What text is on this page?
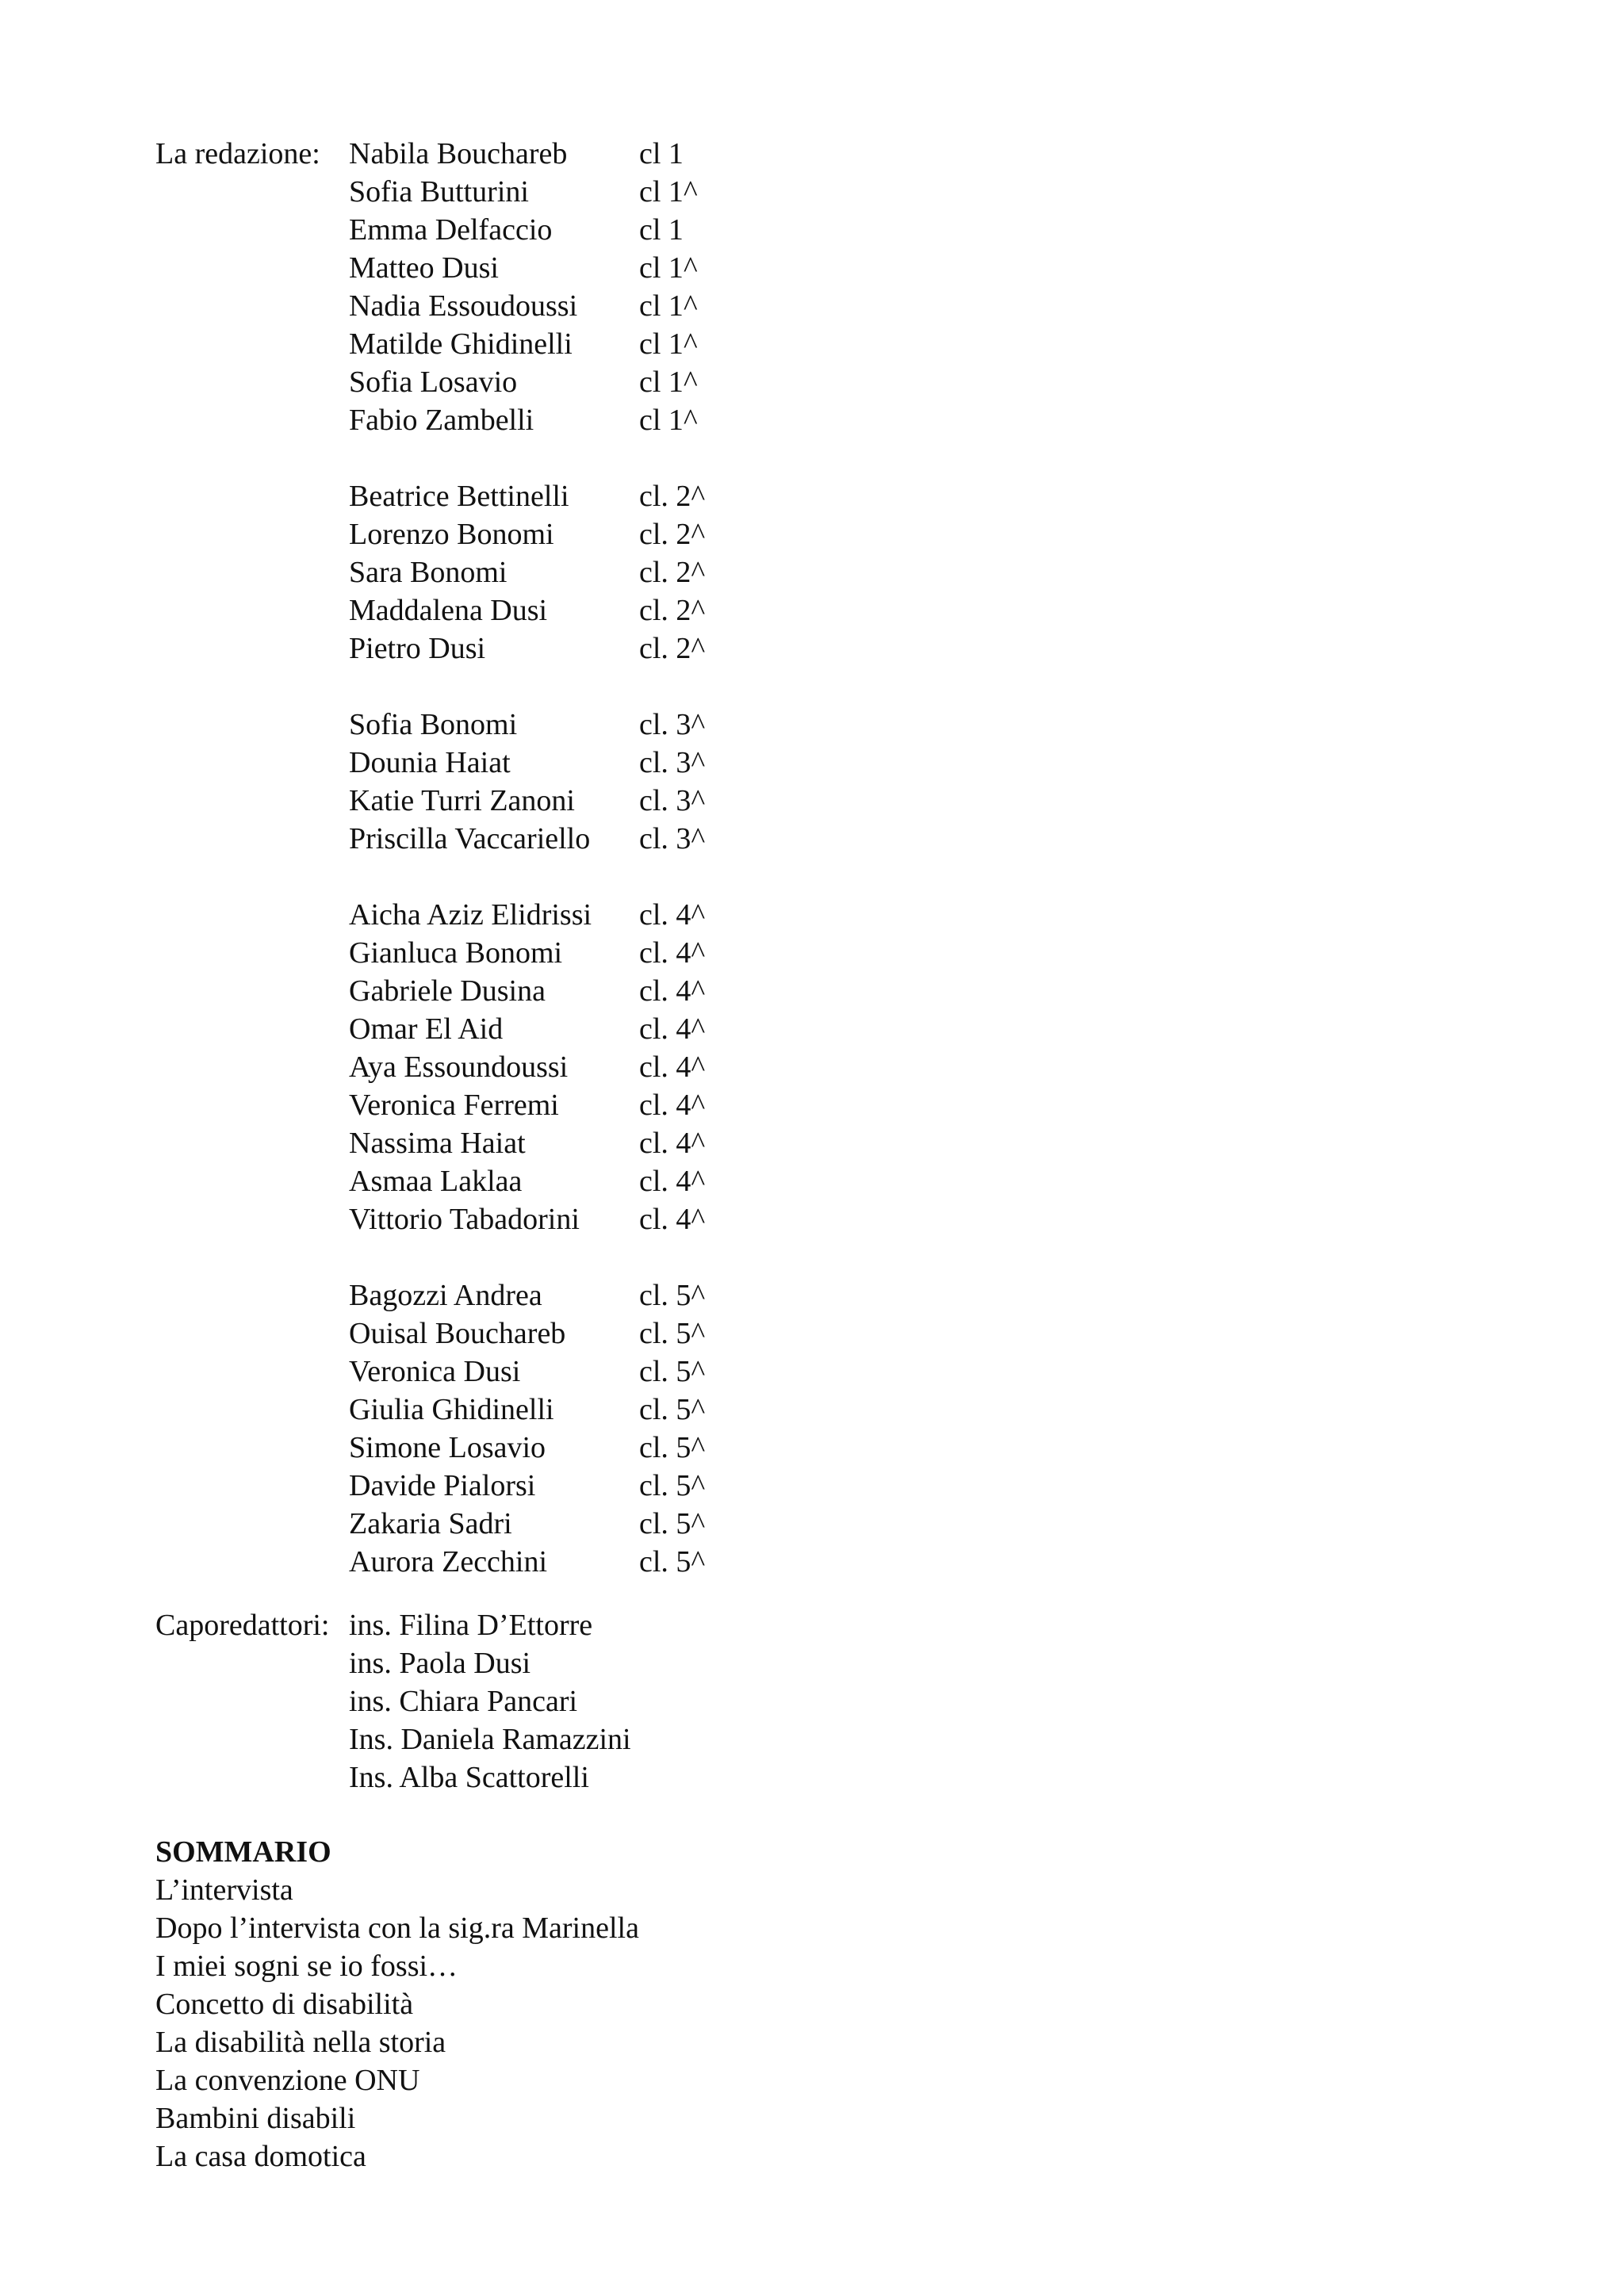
La redazione: Nabila Bouchareb cl 1
Sofia Butturini	cl 1^
Emma Delfaccio	cl 1
Matteo Dusi	cl 1^
Nadia Essoudoussi cl 1^
Matilde Ghidinelli cl 1^
Sofia Losavio	cl 1^
Fabio Zambelli	cl 1^
Beatrice Bettinelli cl. 2^
Lorenzo Bonomi	cl. 2^
Sara Bonomi	cl. 2^
Maddalena Dusi	cl. 2^
Pietro Dusi	cl. 2^
Sofia Bonomi	cl. 3^
Dounia Haiat	cl. 3^
Katie Turri Zanoni cl. 3^
Priscilla Vaccariello cl. 3^
Aicha Aziz Elidrissi cl. 4^
Gianluca Bonomi	cl. 4^
Gabriele Dusina	cl. 4^
Omar El Aid	cl. 4^
Aya Essoundoussi cl. 4^
Veronica Ferremi	cl. 4^
Nassima Haiat	cl. 4^
Asmaa Laklaa	cl. 4^
Vittorio Tabadorini cl. 4^
Bagozzi Andrea	cl. 5^
Ouisal Bouchareb cl. 5^
Veronica Dusi	cl. 5^
Giulia Ghidinelli	cl. 5^
Simone Losavio	cl. 5^
Davide Pialorsi	cl. 5^
Zakaria Sadri	cl. 5^
Aurora Zecchini	cl. 5^
Caporedattori: ins. Filina D’Ettorre
ins. Paola Dusi
ins. Chiara Pancari
Ins. Daniela Ramazzini
Ins. Alba Scattorelli
SOMMARIO
L’intervista
Dopo l’intervista con la sig.ra Marinella
I miei sogni se io fossi…
Concetto di disabilità
La disabilità nella storia
La convenzione ONU
Bambini disabili
La casa domotica
